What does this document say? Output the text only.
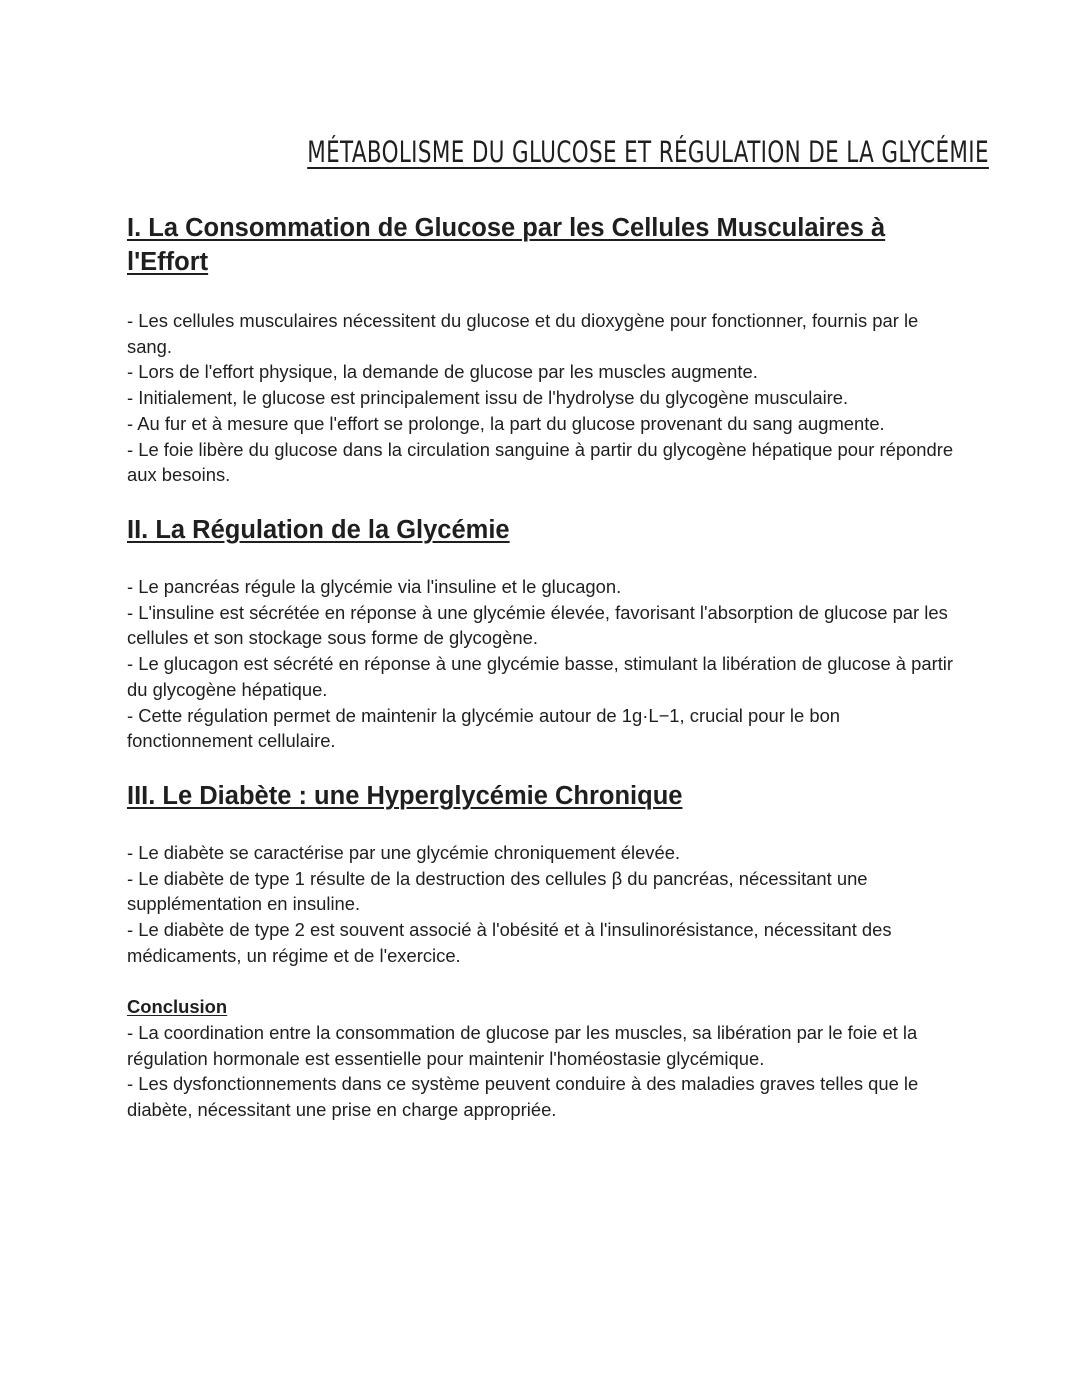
MÉTABOLISME DU GLUCOSE ET RÉGULATION DE LA GLYCÉMIE
I. La Consommation de Glucose par les Cellules Musculaires à l'Effort

- Les cellules musculaires nécessitent du glucose et du dioxygène pour fonctionner, fournis par le sang.

- Lors de l'effort physique, la demande de glucose par les muscles augmente.

- Initialement, le glucose est principalement issu de l'hydrolyse du glycogène musculaire.

- Au fur et à mesure que l'effort se prolonge, la part du glucose provenant du sang augmente.

- Le foie libère du glucose dans la circulation sanguine à partir du glycogène hépatique pour répondre aux besoins.

II. La Régulation de la Glycémie

- Le pancréas régule la glycémie via l'insuline et le glucagon.

- L'insuline est sécrétée en réponse à une glycémie élevée, favorisant l'absorption de glucose par les cellules et son stockage sous forme de glycogène.

- Le glucagon est sécrété en réponse à une glycémie basse, stimulant la libération de glucose à partir du glycogène hépatique.

- Cette régulation permet de maintenir la glycémie autour de 1g·L−1, crucial pour le bon fonctionnement cellulaire.

III. Le Diabète : une Hyperglycémie Chronique

- Le diabète se caractérise par une glycémie chroniquement élevée.

- Le diabète de type 1 résulte de la destruction des cellules β du pancréas, nécessitant une supplémentation en insuline.

- Le diabète de type 2 est souvent associé à l'obésité et à l'insulinorésistance, nécessitant des médicaments, un régime et de l'exercice.

Conclusion

- La coordination entre la consommation de glucose par les muscles, sa libération par le foie et la régulation hormonale est essentielle pour maintenir l'homéostasie glycémique.

- Les dysfonctionnements dans ce système peuvent conduire à des maladies graves telles que le diabète, nécessitant une prise en charge appropriée.
